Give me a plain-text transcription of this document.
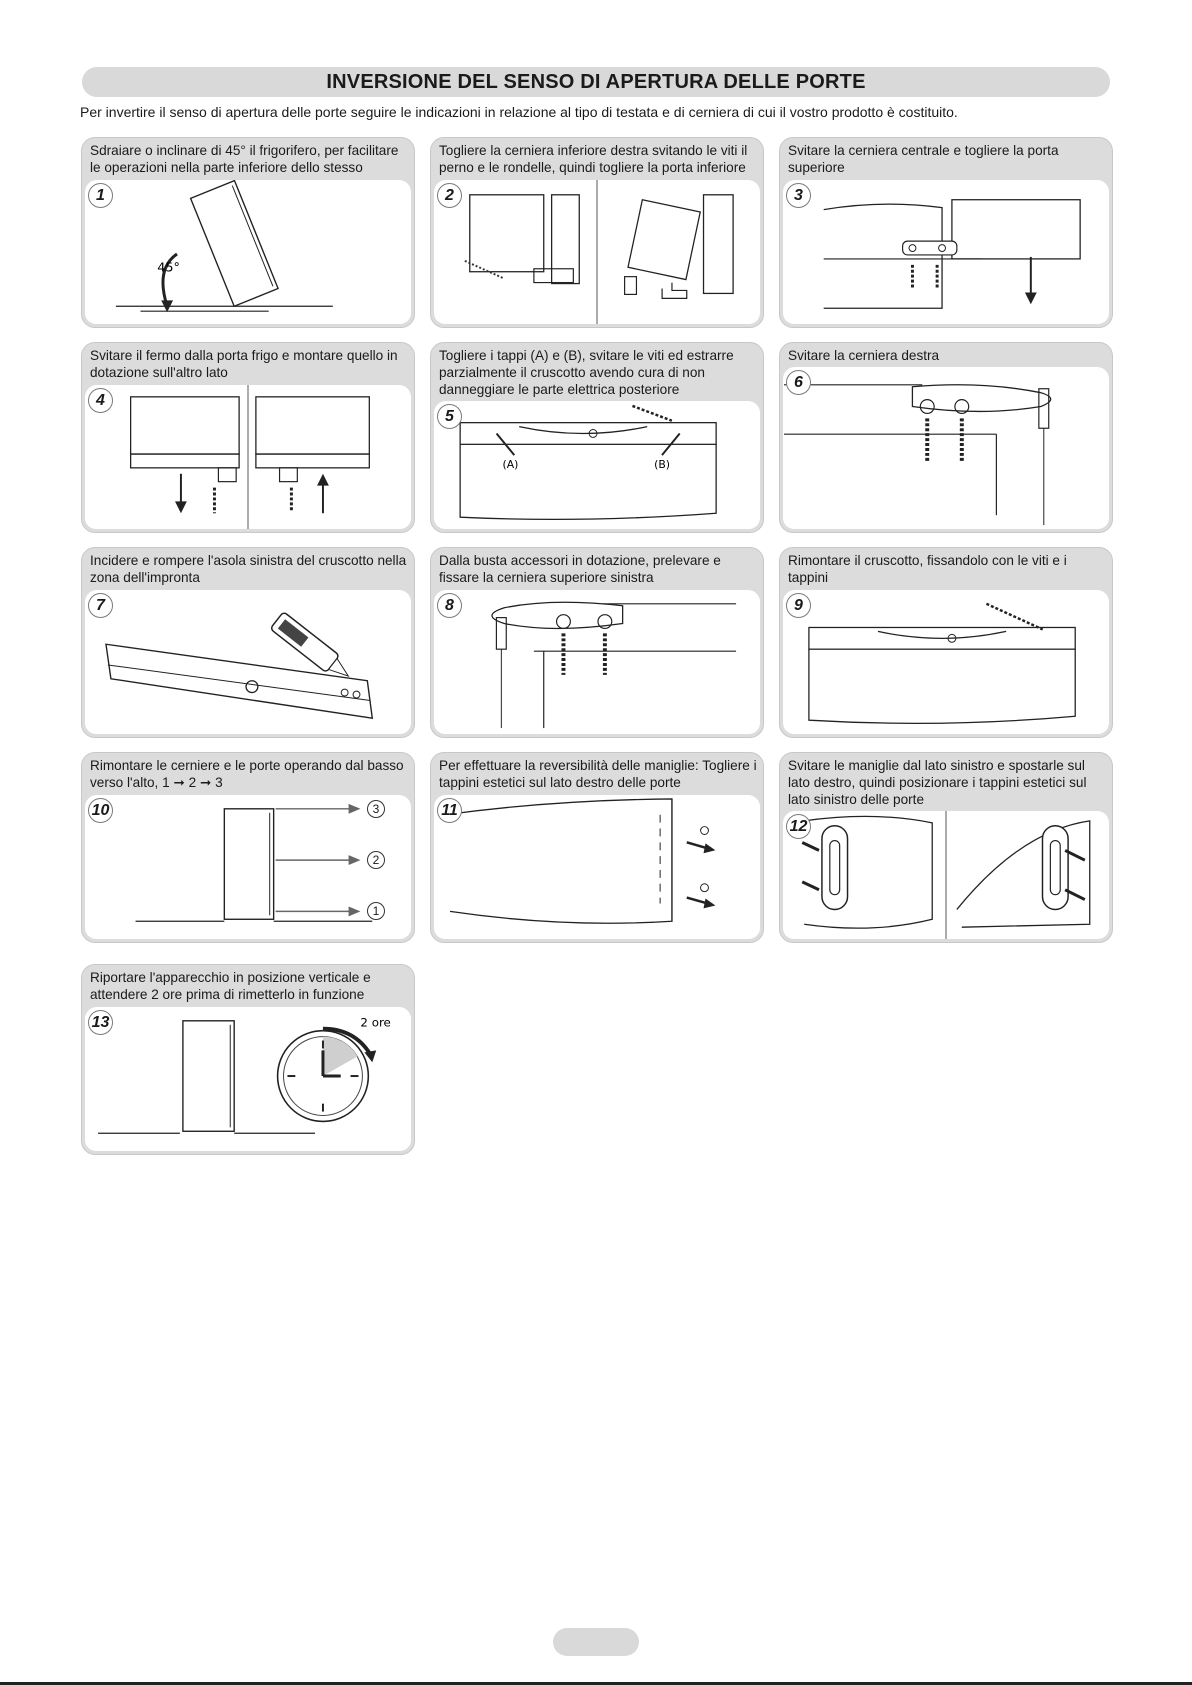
INVERSIONE DEL SENSO DI APERTURA DELLE PORTE
Per invertire il senso di apertura delle porte seguire le indicazioni in relazione al tipo di testata e di cerniera di cui il vostro prodotto è costituito.
Sdraiare o inclinare di 45° il frigorifero, per facilitare le operazioni nella parte inferiore dello stesso
1
45°
Togliere la cerniera inferiore destra svitando le viti il perno e le rondelle, quindi togliere la porta inferiore
2
Svitare la cerniera centrale e togliere la porta superiore
3
Svitare il fermo dalla porta frigo e montare quello in dotazione sull'altro lato
4
Togliere i tappi (A) e (B), svitare le viti ed estrarre parzialmente il cruscotto avendo cura di non danneggiare le parte elettrica posteriore
5
(A)	(B)
Svitare la cerniera destra
6
Incidere e rompere l'asola sinistra del cruscotto nella zona dell'impronta
7
Dalla busta accessori in dotazione, prelevare e fissare la cerniera superiore sinistra
8
Rimontare il cruscotto, fissandolo con le viti e i tappini
9
Rimontare le cerniere e le porte operando dal basso verso l'alto, 1 ➞ 2 ➞ 3
10	3
2
1
Per effettuare la reversibilità delle maniglie: Togliere i tappini estetici sul lato destro delle porte
11
Svitare le maniglie dal lato sinistro e spostarle sul lato destro, quindi posizionare i tappini estetici sul lato sinistro delle porte
12
Riportare l'apparecchio in posizione verticale e attendere 2 ore prima di rimetterlo in funzione
13	2 ore
